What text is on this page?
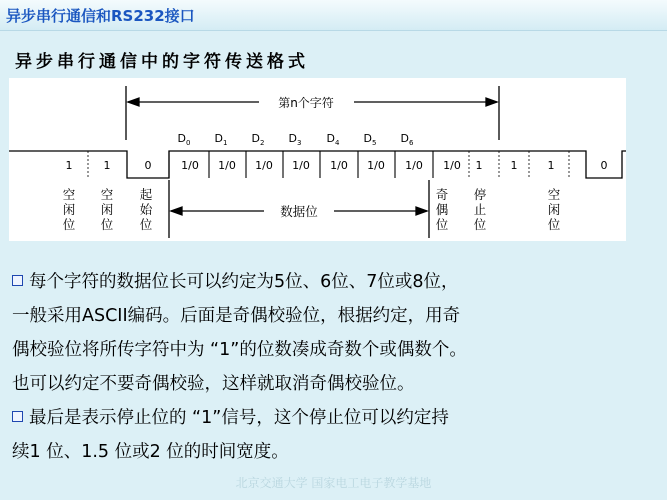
异步串行通信和RS232接口
异步串行通信中的字符传送格式
第n个字符
$D_0$ $D_1$ $D_2$ $D_3$ $D_4$ $D_5$ $D_6$
1	1	0	1/0 1/0 1/0 1/0 1/0 1/0 1/0 1/0 1	1	1	0
数据位
空
闲
位
空
闲
位
起
始
位
奇
偶
位
停
止
位
空
闲
位

每个字符的数据位长可以约定为5位、6位、7位或8位，
一般采用ASCII编码。后面是奇偶校验位，根据约定，用奇
偶校验位将所传字符中为 “1”的位数凑成奇数个或偶数个。
也可以约定不要奇偶校验，这样就取消奇偶校验位。

最后是表示停止位的 “1”信号，这个停止位可以约定持
续1 位、1.5 位或2 位的时间宽度。

北京交通大学 国家电工电子教学基地
